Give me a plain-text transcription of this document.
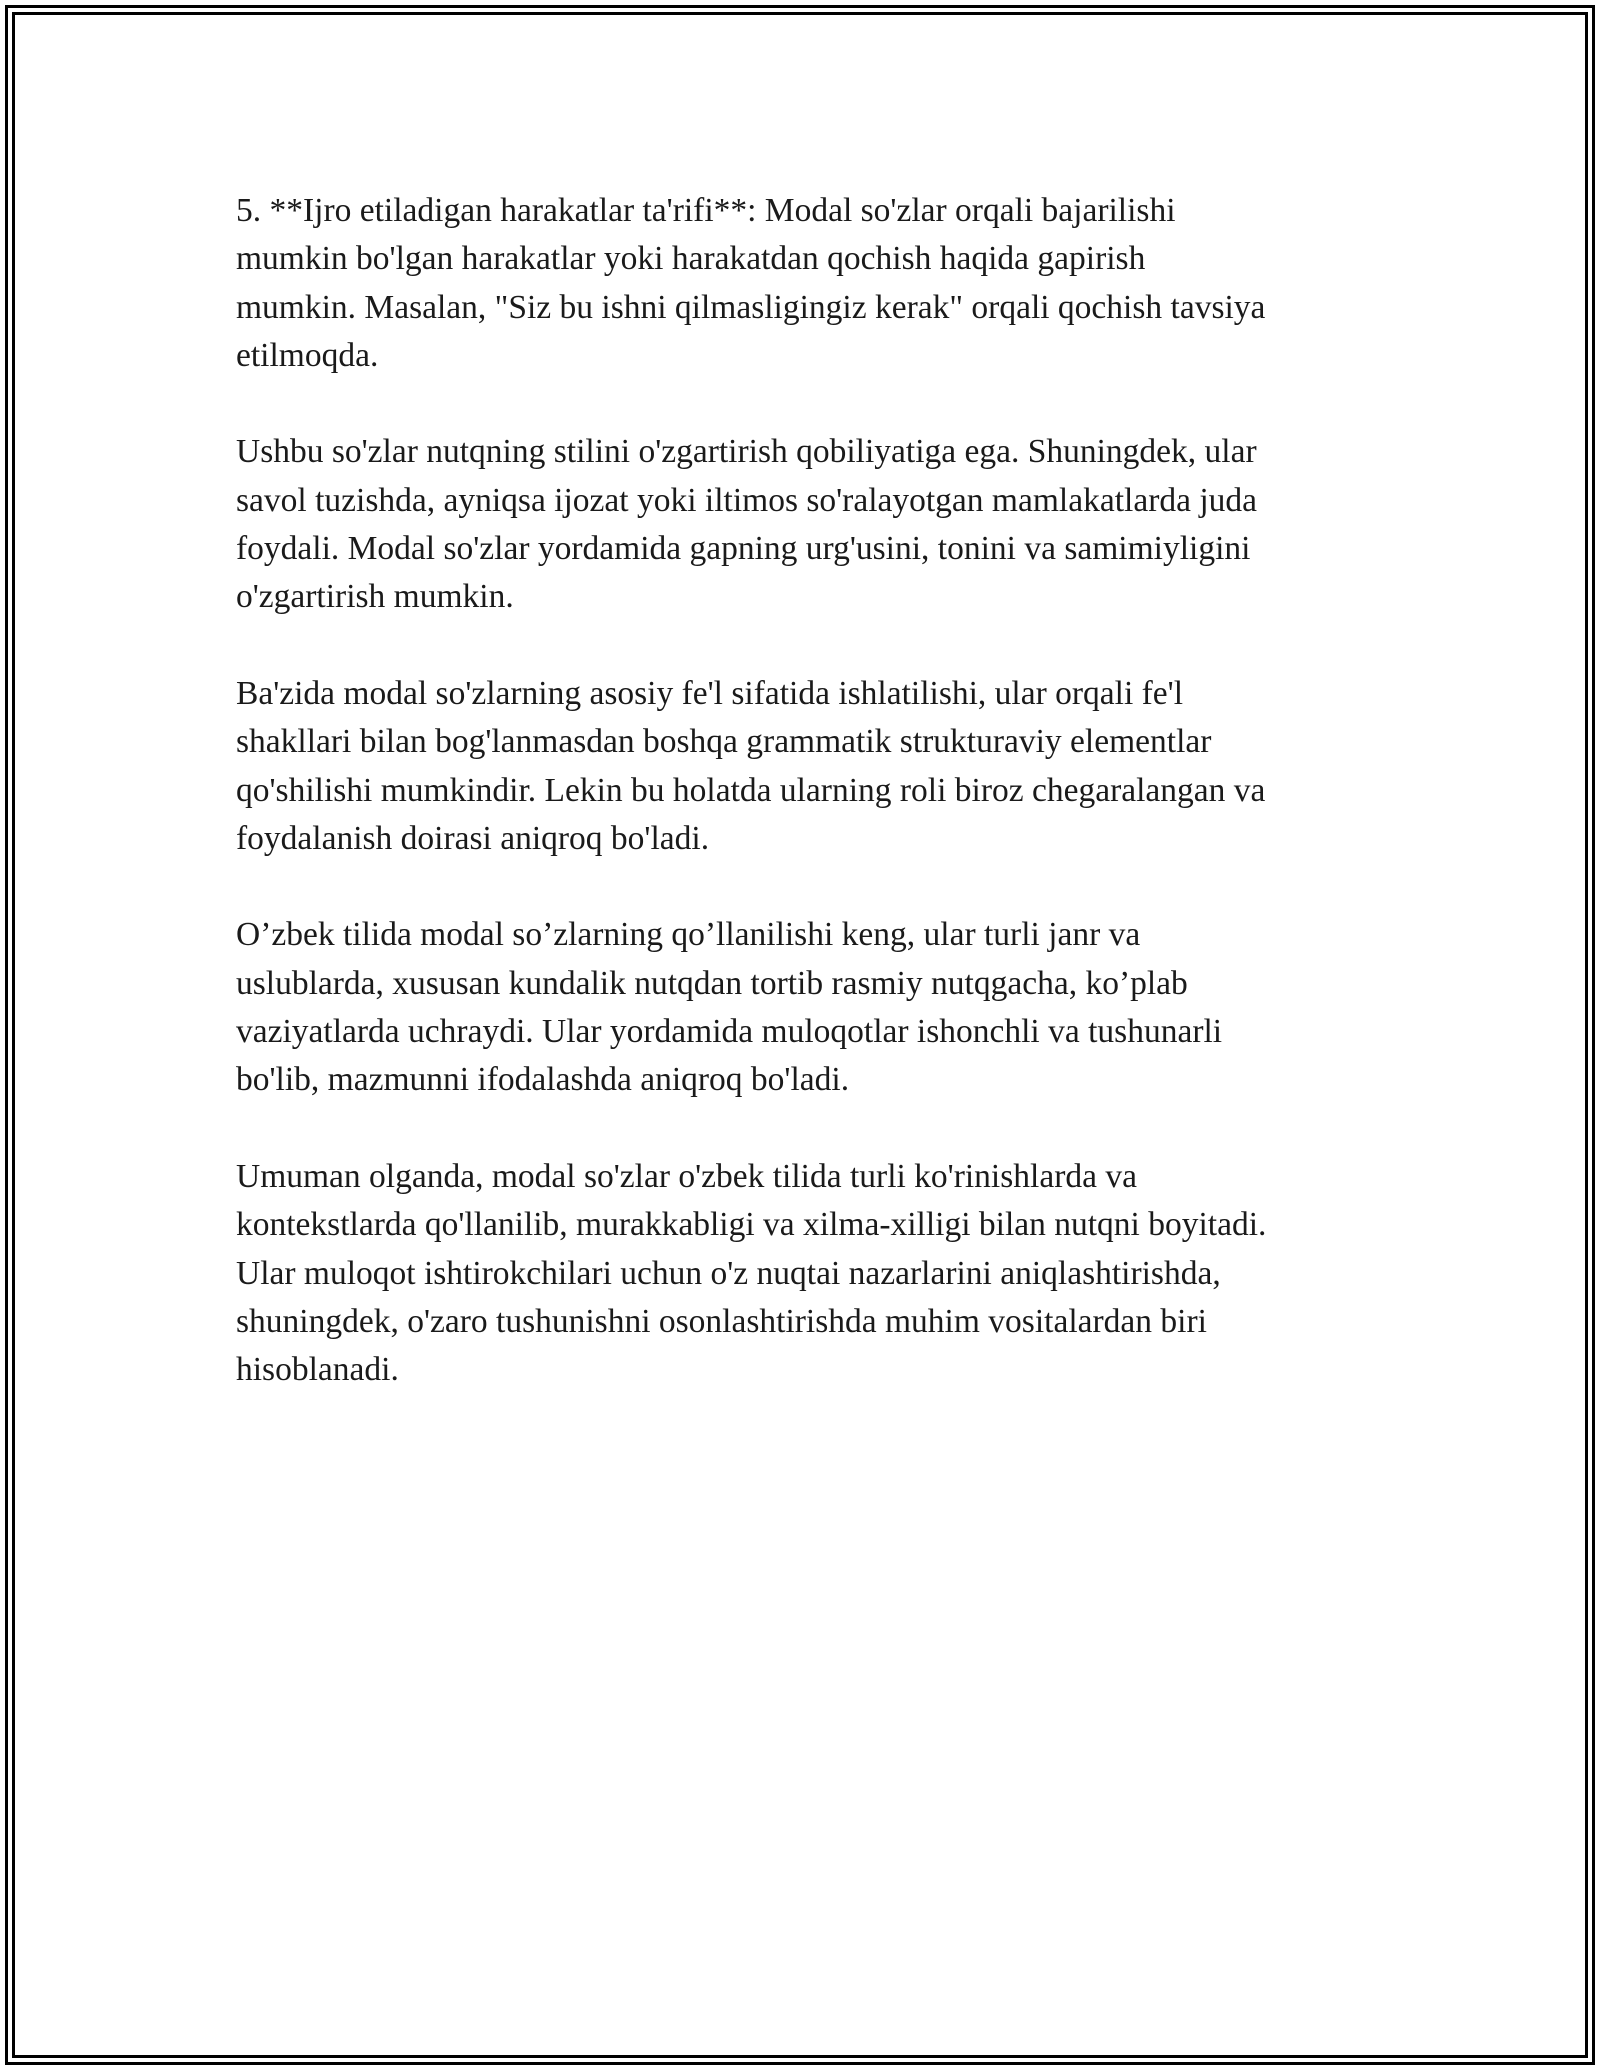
5. **Ijro etiladigan harakatlar ta'rifi**: Modal so'zlar orqali bajarilishi
mumkin bo'lgan harakatlar yoki harakatdan qochish haqida gapirish
mumkin. Masalan, "Siz bu ishni qilmasligingiz kerak" orqali qochish tavsiya
etilmoqda.

Ushbu so'zlar nutqning stilini o'zgartirish qobiliyatiga ega. Shuningdek, ular
savol tuzishda, ayniqsa ijozat yoki iltimos so'ralayotgan mamlakatlarda juda
foydali. Modal so'zlar yordamida gapning urg'usini, tonini va samimiyligini
o'zgartirish mumkin.

Ba'zida modal so'zlarning asosiy fe'l sifatida ishlatilishi, ular orqali fe'l
shakllari bilan bog'lanmasdan boshqa grammatik strukturaviy elementlar
qo'shilishi mumkindir. Lekin bu holatda ularning roli biroz chegaralangan va
foydalanish doirasi aniqroq bo'ladi.

O’zbek tilida modal so’zlarning qo’llanilishi keng, ular turli janr va
uslublarda, xususan kundalik nutqdan tortib rasmiy nutqgacha, ko’plab
vaziyatlarda uchraydi. Ular yordamida muloqotlar ishonchli va tushunarli
bo'lib, mazmunni ifodalashda aniqroq bo'ladi.

Umuman olganda, modal so'zlar o'zbek tilida turli ko'rinishlarda va
kontekstlarda qo'llanilib, murakkabligi va xilma-xilligi bilan nutqni boyitadi.
Ular muloqot ishtirokchilari uchun o'z nuqtai nazarlarini aniqlashtirishda,
shuningdek, o'zaro tushunishni osonlashtirishda muhim vositalardan biri
hisoblanadi.
